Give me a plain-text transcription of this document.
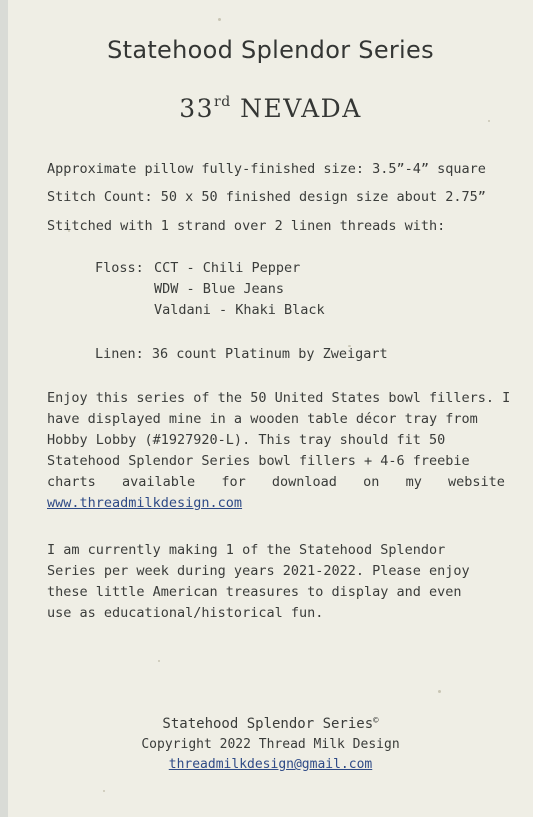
Statehood Splendor Series
33rd NEVADA
Approximate pillow fully-finished size: 3.5”-4” square
Stitch Count: 50 x 50 finished design size about 2.75”
Stitched with 1 strand over 2 linen threads with:
Floss: CCT - Chili Pepper
WDW - Blue Jeans
Valdani - Khaki Black
Linen: 36 count Platinum by Zweigart
Enjoy this series of the 50 United States bowl fillers. I
have displayed mine in a wooden table décor tray from
Hobby Lobby (#1927920-L). This tray should fit 50
Statehood Splendor Series bowl fillers + 4-6 freebie
charts available for download on my website
www.threadmilkdesign.com
I am currently making 1 of the Statehood Splendor
Series per week during years 2021-2022. Please enjoy
these little American treasures to display and even
use as educational/historical fun.
Statehood Splendor Series©
Copyright 2022 Thread Milk Design
threadmilkdesign@gmail.com
